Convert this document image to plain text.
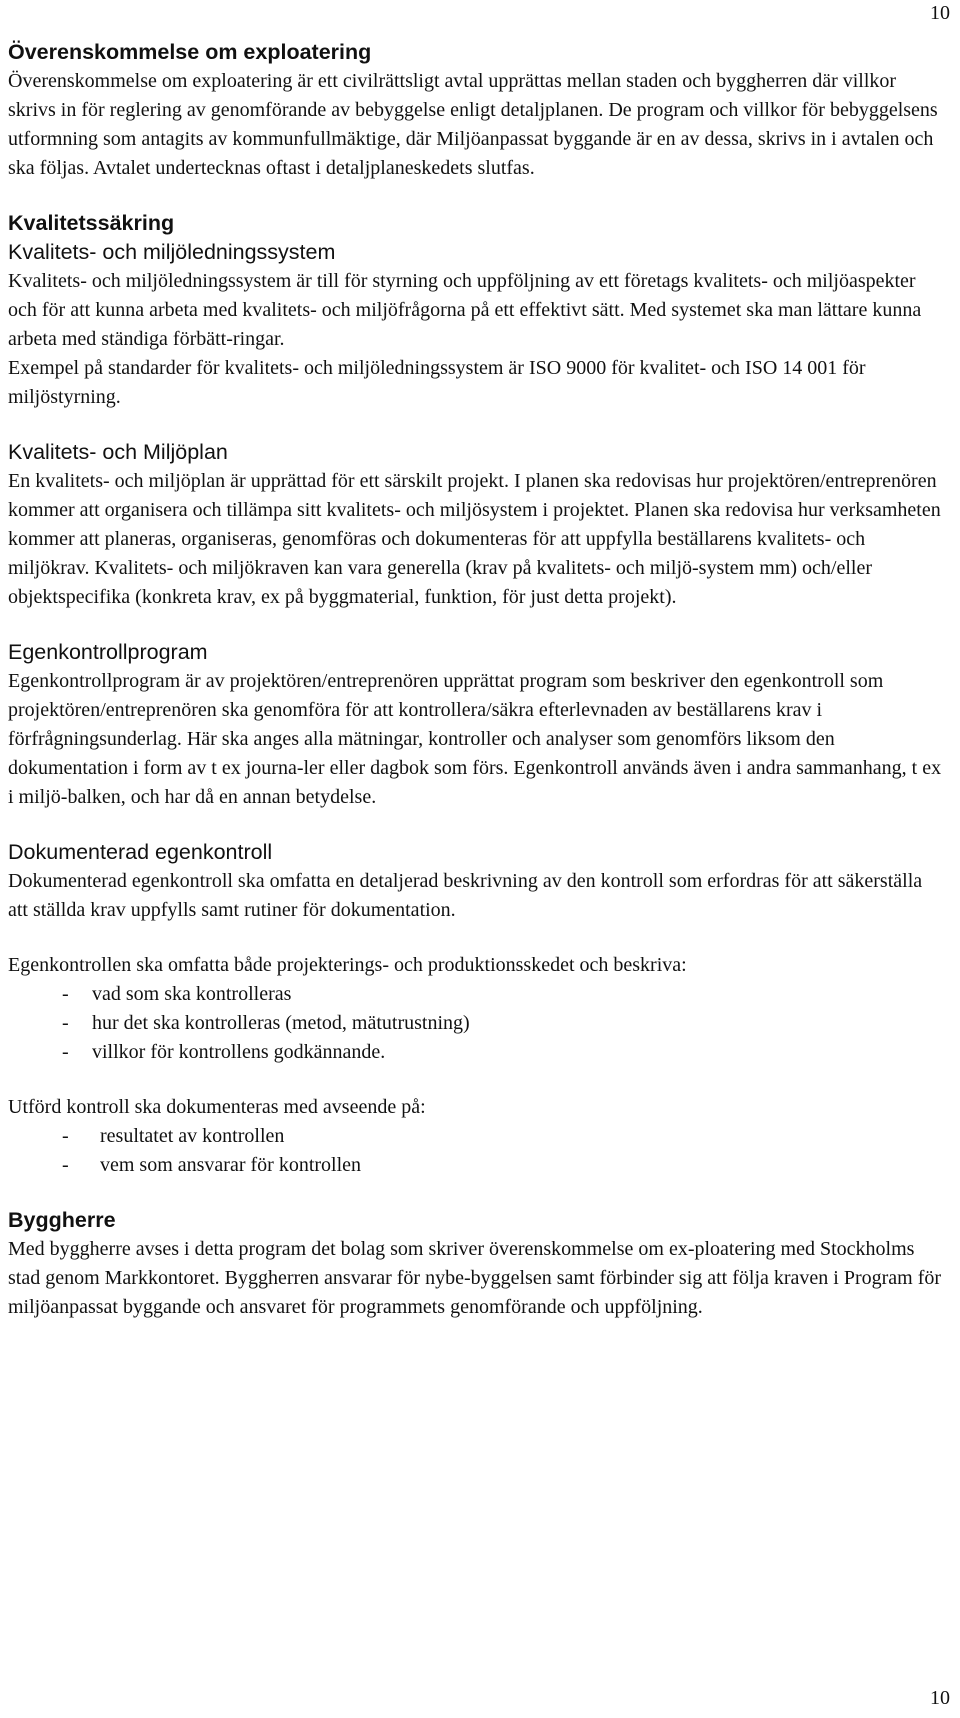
10
Överenskommelse om exploatering

Överenskommelse om exploatering är ett civilrättsligt avtal upprättas mellan staden och byggherren där villkor skrivs in för reglering av genomförande av bebyggelse enligt detaljplanen. De program och villkor för bebyggelsens utformning som antagits av kommunfullmäktige, där Miljöanpassat byggande är en av dessa, skrivs in i avtalen och ska följas. Avtalet undertecknas oftast i detaljplaneskedets slutfas.

Kvalitetssäkring
Kvalitets- och miljöledningssystem

Kvalitets- och miljöledningssystem är till för styrning och uppföljning av ett företags kvalitets- och miljöaspekter och för att kunna arbeta med kvalitets- och miljöfrågorna på ett effektivt sätt. Med systemet ska man lättare kunna arbeta med ständiga förbätt-ringar.

Exempel på standarder för kvalitets- och miljöledningssystem är ISO 9000 för kvalitet- och ISO 14 001 för miljöstyrning.

Kvalitets- och Miljöplan

En kvalitets- och miljöplan är upprättad för ett särskilt projekt. I planen ska redovisas hur projektören/entreprenören kommer att organisera och tillämpa sitt kvalitets- och miljösystem i projektet. Planen ska redovisa hur verksamheten kommer att planeras, organiseras, genomföras och dokumenteras för att uppfylla beställarens kvalitets- och miljökrav. Kvalitets- och miljökraven kan vara generella (krav på kvalitets- och miljö-system mm) och/eller objektspecifika (konkreta krav, ex på byggmaterial, funktion, för just detta projekt).

Egenkontrollprogram

Egenkontrollprogram är av projektören/entreprenören upprättat program som beskriver den egenkontroll som projektören/entreprenören ska genomföra för att kontrollera/säkra efterlevnaden av beställarens krav i förfrågningsunderlag. Här ska anges alla mätningar, kontroller och analyser som genomförs liksom den dokumentation i form av t ex journa-ler eller dagbok som förs. Egenkontroll används även i andra sammanhang, t ex i miljö-balken, och har då en annan betydelse.

Dokumenterad egenkontroll

Dokumenterad egenkontroll ska omfatta en detaljerad beskrivning av den kontroll som erfordras för att säkerställa att ställda krav uppfylls samt rutiner för dokumentation.

Egenkontrollen ska omfatta både projekterings- och produktionsskedet och beskriva:

- vad som ska kontrolleras
- hur det ska kontrolleras (metod, mätutrustning)
- villkor för kontrollens godkännande.

Utförd kontroll ska dokumenteras med avseende på:

- resultatet av kontrollen
- vem som ansvarar för kontrollen
Byggherre

Med byggherre avses i detta program det bolag som skriver överenskommelse om ex-ploatering med Stockholms stad genom Markkontoret. Byggherren ansvarar för nybe-byggelsen samt förbinder sig att följa kraven i Program för miljöanpassat byggande och ansvaret för programmets genomförande och uppföljning.

10
